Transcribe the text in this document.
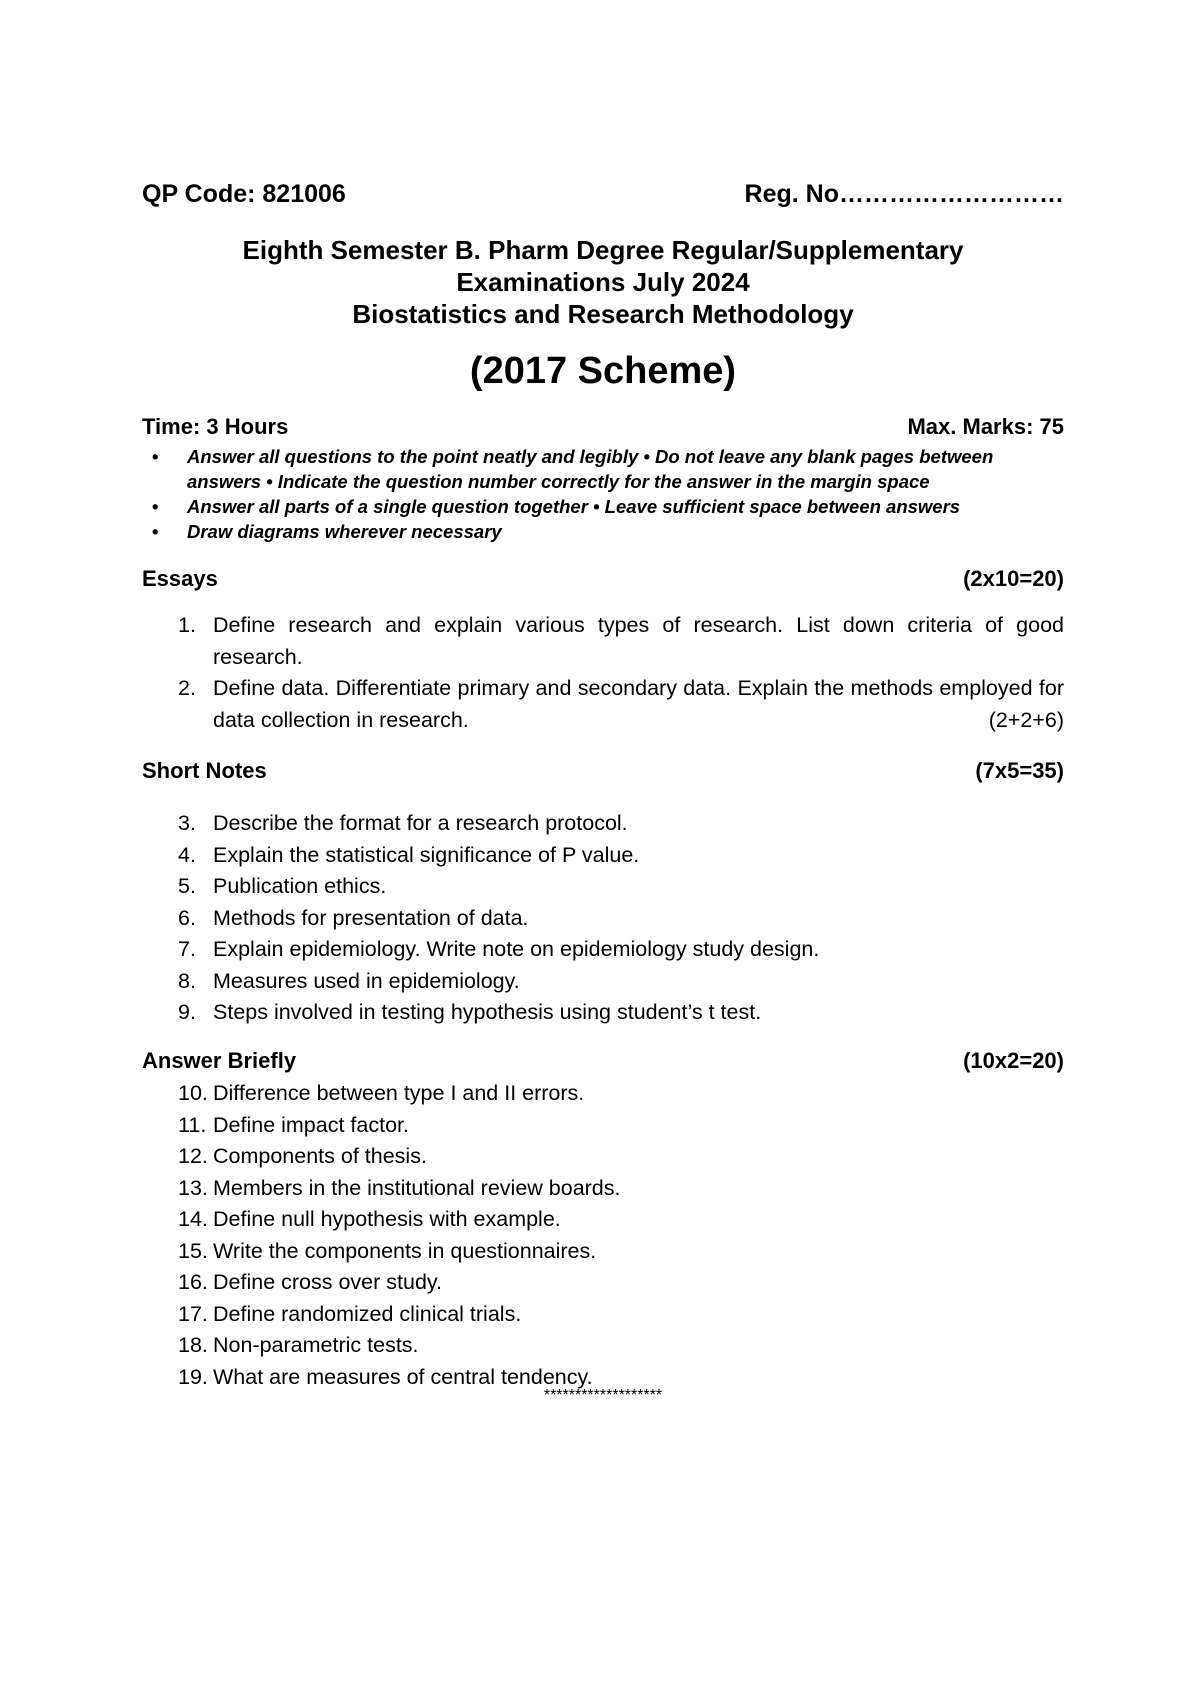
QP Code: 821006	Reg. No………………………
Eighth Semester B. Pharm Degree Regular/Supplementary
Examinations July 2024
Biostatistics and Research Methodology
(2017 Scheme)
Time: 3 Hours	Max. Marks: 75
• Answer all questions to the point neatly and legibly • Do not leave any blank pages between answers • Indicate the question number correctly for the answer in the margin space
• Answer all parts of a single question together • Leave sufficient space between answers
• Draw diagrams wherever necessary
Essays	(2x10=20)
1. Define research and explain various types of research. List down criteria of good research.
2. Define data. Differentiate primary and secondary data. Explain the methods employed for data collection in research.	(2+2+6)
Short Notes	(7x5=35)
3. Describe the format for a research protocol.
4. Explain the statistical significance of P value.
5. Publication ethics.
6. Methods for presentation of data.
7. Explain epidemiology. Write note on epidemiology study design.
8. Measures used in epidemiology.
9. Steps involved in testing hypothesis using student’s t test.
Answer Briefly	(10x2=20)
10. Difference between type I and II errors.
11. Define impact factor.
12. Components of thesis.
13. Members in the institutional review boards.
14. Define null hypothesis with example.
15. Write the components in questionnaires.
16. Define cross over study.
17. Define randomized clinical trials.
18. Non-parametric tests.
19. What are measures of central tendency.
*******************
